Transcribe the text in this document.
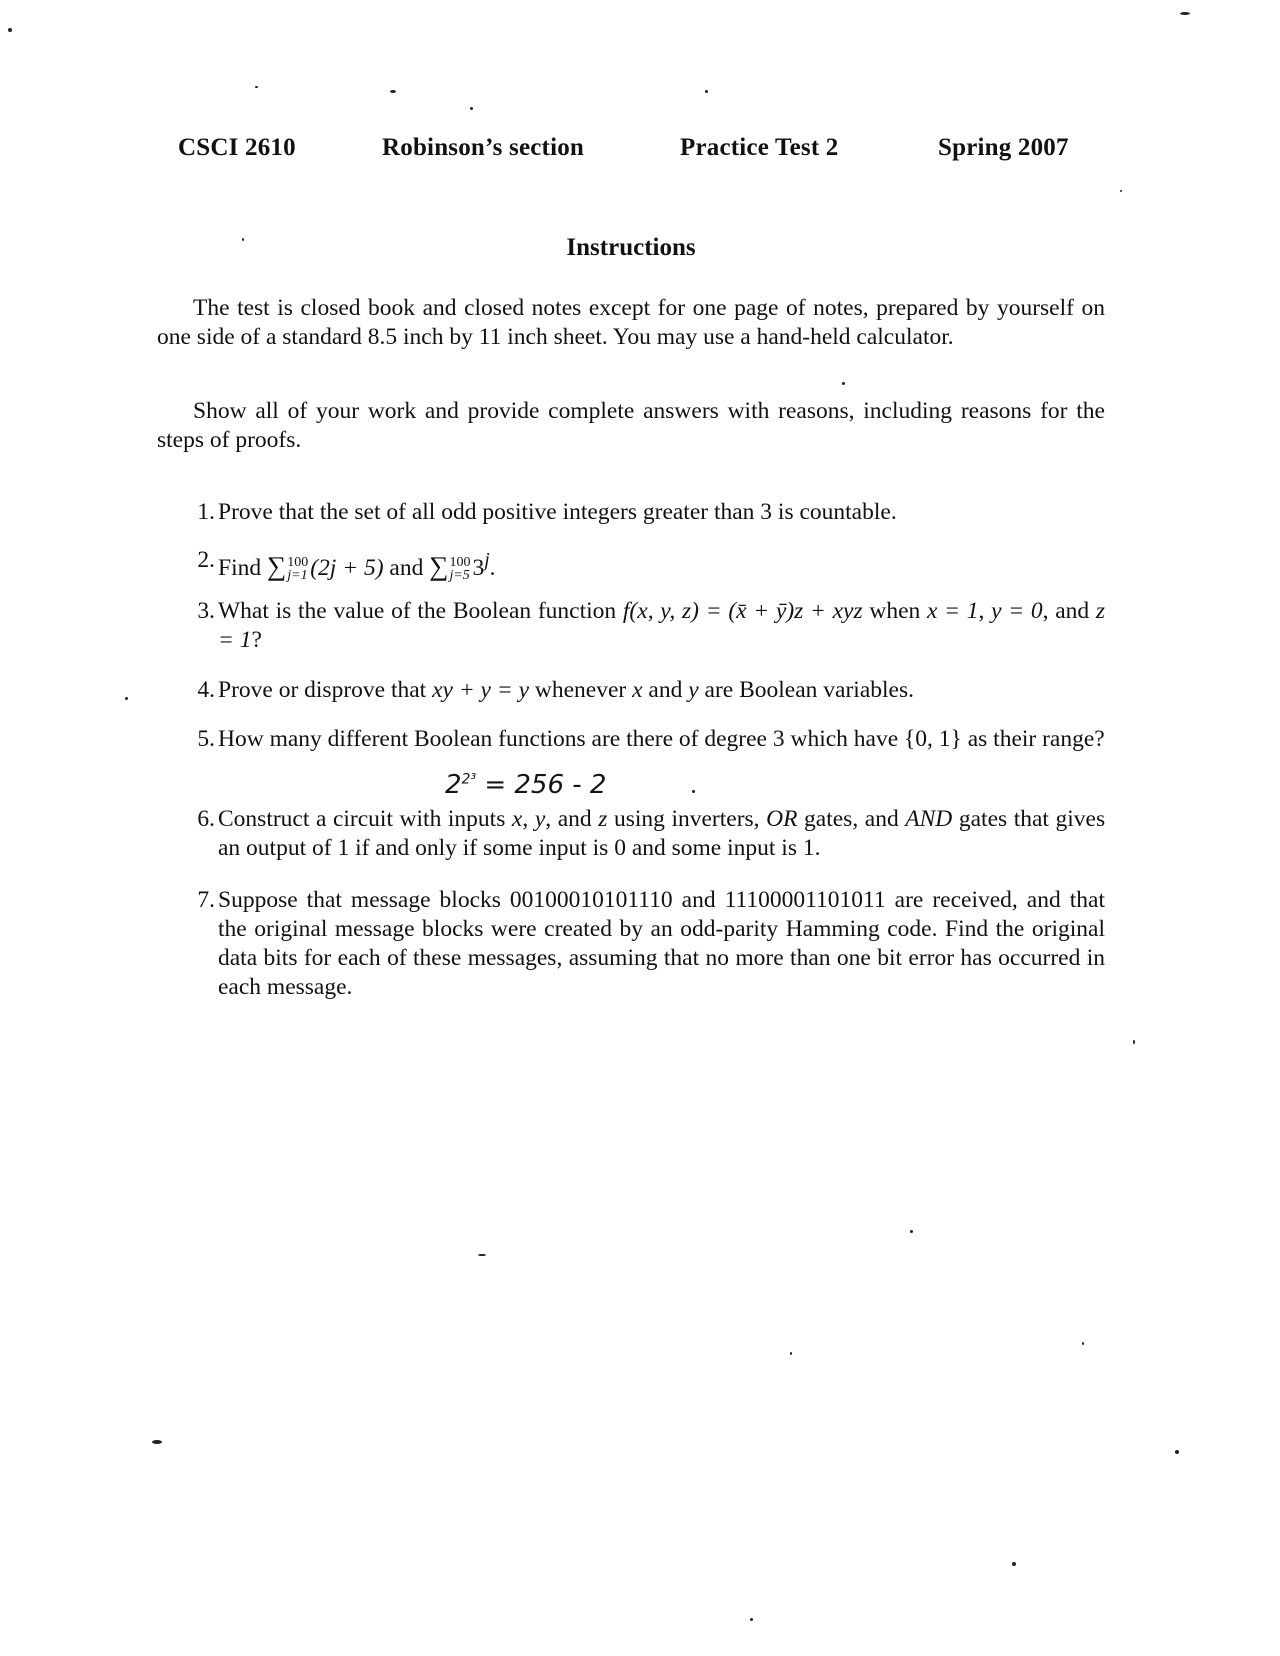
CSCI 2610	Robinson’s section	Practice Test 2	Spring 2007
Instructions
The test is closed book and closed notes except for one page of notes, prepared by yourself on one side of a standard 8.5 inch by 11 inch sheet. You may use a hand-held calculator.
Show all of your work and provide complete answers with reasons, including reasons for the steps of proofs.
1. Prove that the set of all odd positive integers greater than 3 is countable.
2. Find ∑ 100
j=1 (2j + 5) and ∑ 100
j=5 3$^j$.
3. What is the value of the Boolean function f(x, y, z) = (x̄ + ȳ)z + xyz when x = 1, y = 0, and z = 1?
4. Prove or disprove that xy + y = y whenever x and y are Boolean variables.
5. How many different Boolean functions are there of degree 3 which have {0, 1} as their range?
$2^{2^3} = 256 - 2$
6. Construct a circuit with inputs x, y, and z using inverters, OR gates, and AND gates that gives an output of 1 if and only if some input is 0 and some input is 1.
7. Suppose that message blocks 00100010101110 and 11100001101011 are received, and that the original message blocks were created by an odd-parity Hamming code. Find the original data bits for each of these messages, assuming that no more than one bit error has occurred in each message.
